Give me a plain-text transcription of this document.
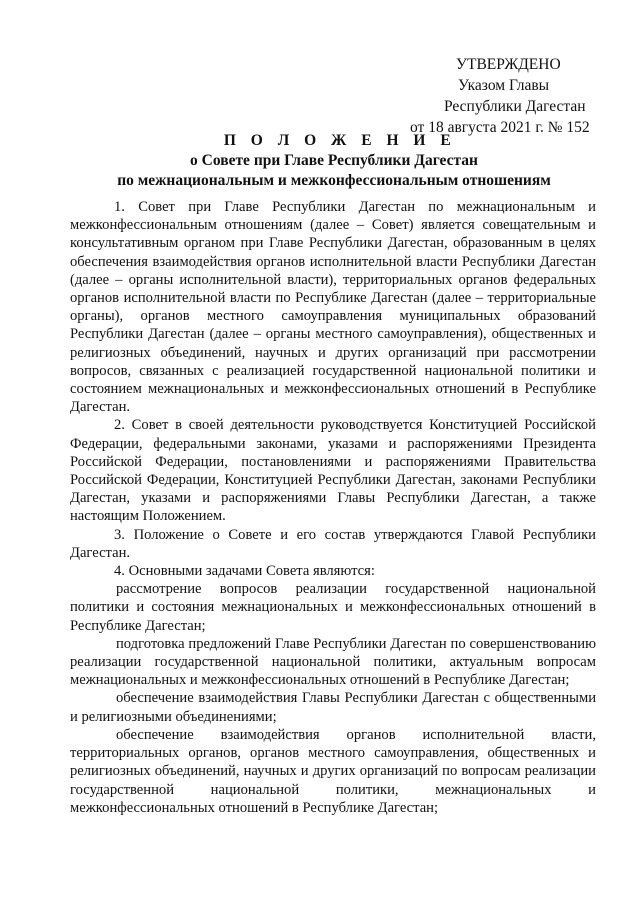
УТВЕРЖДЕНО
Указом Главы
Республики Дагестан
от 18 августа 2021 г. № 152
П О Л О Ж Е Н И Е
о Совете при Главе Республики Дагестан
по межнациональным и межконфессиональным отношениям

1. Совет при Главе Республики Дагестан по межнациональным и межконфессиональным отношениям (далее – Совет) является совещательным и консультативным органом при Главе Республики Дагестан, образованным в целях обеспечения взаимодействия органов исполнительной власти Республики Дагестан (далее – органы исполнительной власти), территориальных органов федеральных органов исполнительной власти по Республике Дагестан (далее – территориальные органы), органов местного самоуправления муниципальных образований Республики Дагестан (далее – органы местного самоуправления), общественных и религиозных объединений, научных и других организаций при рассмотрении вопросов, связанных с реализацией государственной национальной политики и состоянием межнациональных и межконфессиональных отношений в Республике Дагестан.

2. Совет в своей деятельности руководствуется Конституцией Российской Федерации, федеральными законами, указами и распоряжениями Президента Российской Федерации, постановлениями и распоряжениями Правительства Российской Федерации, Конституцией Республики Дагестан, законами Республики Дагестан, указами и распоряжениями Главы Республики Дагестан, а также настоящим Положением.

3. Положение о Совете и его состав утверждаются Главой Республики Дагестан.

4. Основными задачами Совета являются:

рассмотрение вопросов реализации государственной национальной политики и состояния межнациональных и межконфессиональных отношений в Республике Дагестан;

подготовка предложений Главе Республики Дагестан по совершенствованию реализации государственной национальной политики, актуальным вопросам межнациональных и межконфессиональных отношений в Республике Дагестан;

обеспечение взаимодействия Главы Республики Дагестан с общественными и религиозными объединениями;

обеспечение взаимодействия органов исполнительной власти, территориальных органов, органов местного самоуправления, общественных и религиозных объединений, научных и других организаций по вопросам реализации государственной национальной политики, межнациональных и межконфессиональных отношений в Республике Дагестан;
